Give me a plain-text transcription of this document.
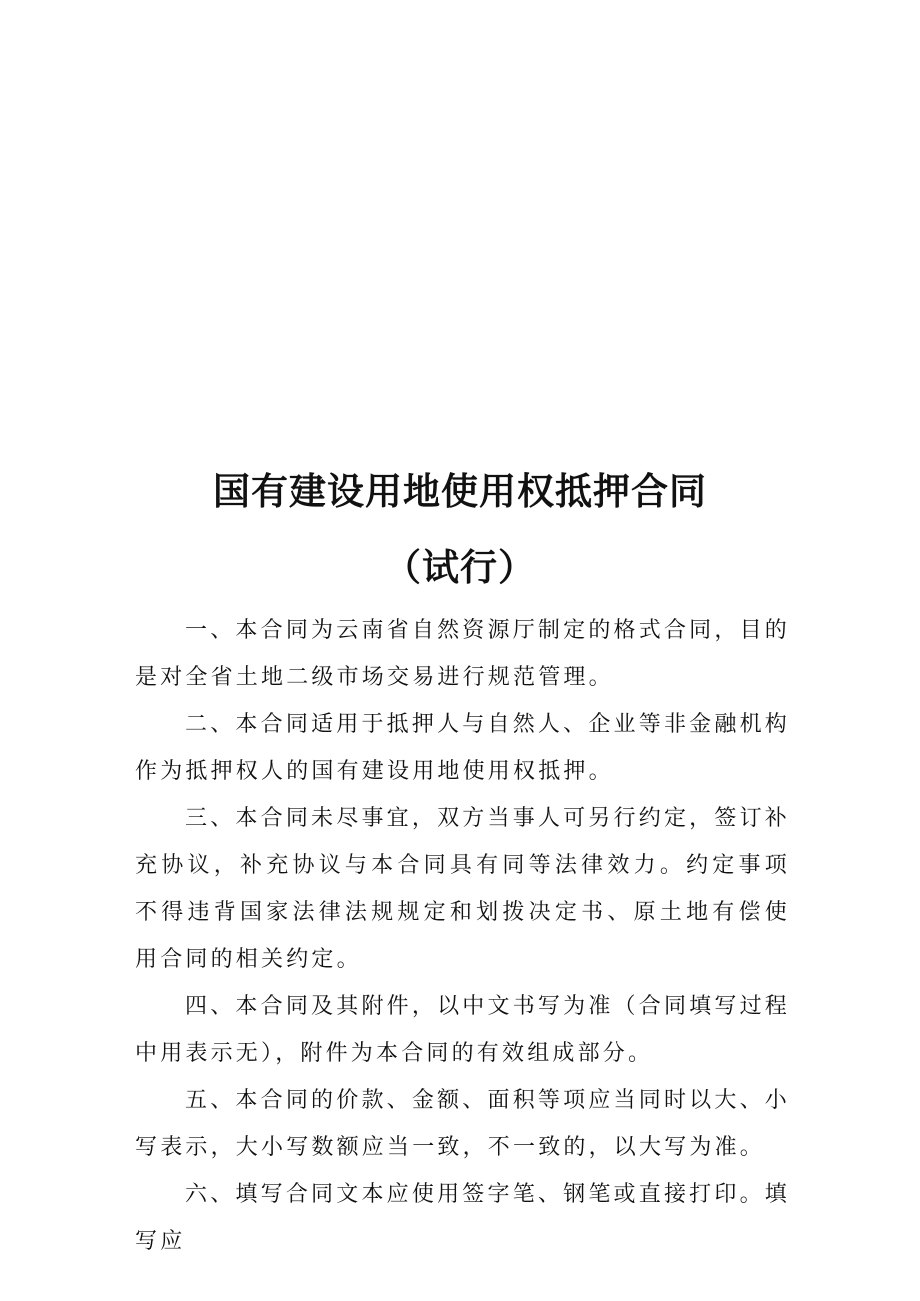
国有建设用地使用权抵押合同
（试行）

一、本合同为云南省自然资源厅制定的格式合同，目的是对全省土地二级市场交易进行规范管理。

二、本合同适用于抵押人与自然人、企业等非金融机构作为抵押权人的国有建设用地使用权抵押。

三、本合同未尽事宜，双方当事人可另行约定，签订补充协议，补充协议与本合同具有同等法律效力。约定事项不得违背国家法律法规规定和划拨决定书、原土地有偿使用合同的相关约定。

四、本合同及其附件，以中文书写为准（合同填写过程中用表示无），附件为本合同的有效组成部分。

五、本合同的价款、金额、面积等项应当同时以大、小写表示，大小写数额应当一致，不一致的，以大写为准。

六、填写合同文本应使用签字笔、钢笔或直接打印。填写应
